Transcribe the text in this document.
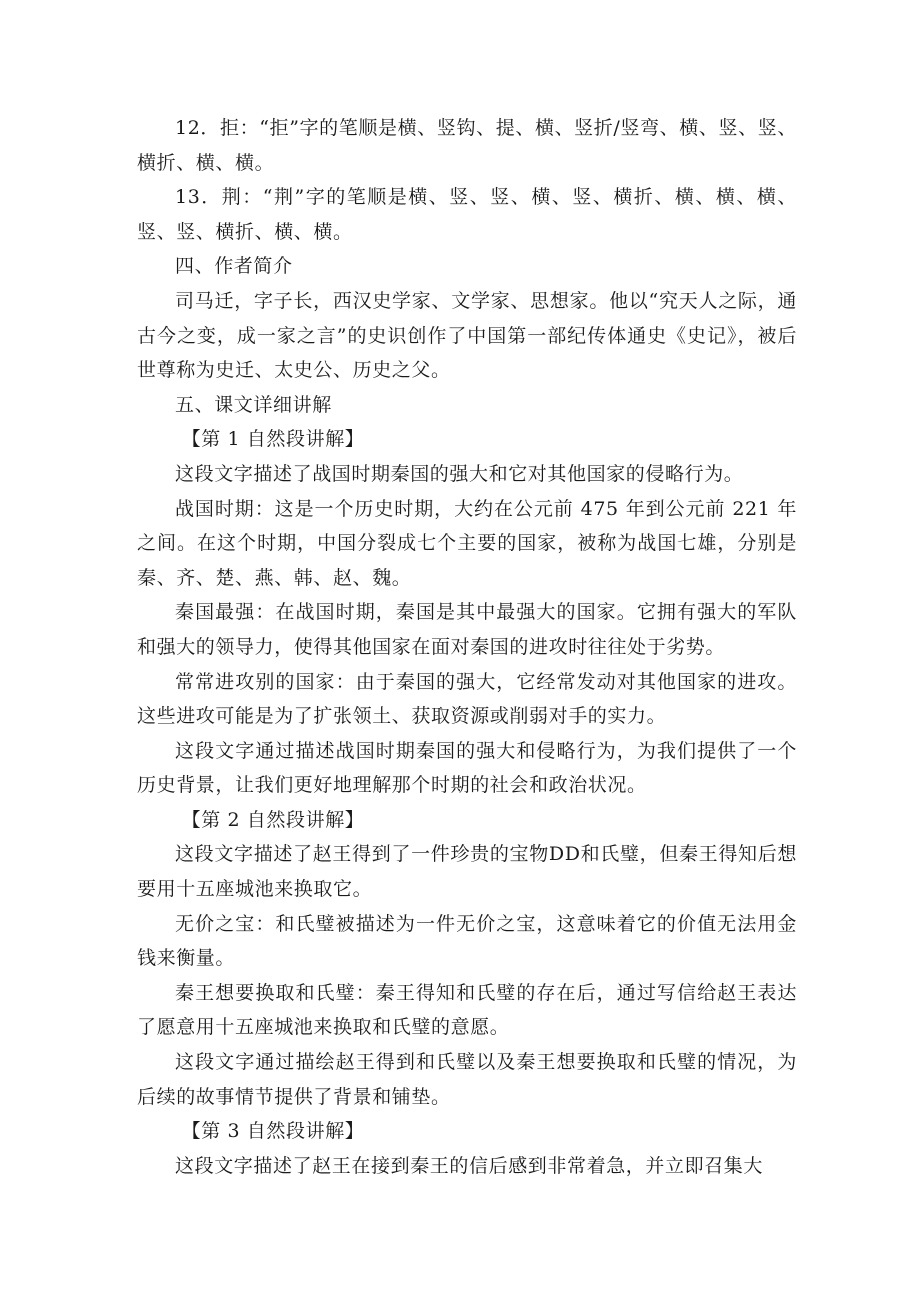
12．拒：“拒”字的笔顺是横、竖钩、提、横、竖折/竖弯、横、竖、竖、横折、横、横。

13．荆：“荆”字的笔顺是横、竖、竖、横、竖、横折、横、横、横、竖、竖、横折、横、横。

四、作者简介

司马迁，字子长，西汉史学家、文学家、思想家。他以“究天人之际，通古今之变，成一家之言”的史识创作了中国第一部纪传体通史《史记》，被后世尊称为史迁、太史公、历史之父。

五、课文详细讲解

【第 1 自然段讲解】

这段文字描述了战国时期秦国的强大和它对其他国家的侵略行为。

战国时期：这是一个历史时期，大约在公元前 475 年到公元前 221 年之间。在这个时期，中国分裂成七个主要的国家，被称为战国七雄，分别是秦、齐、楚、燕、韩、赵、魏。

秦国最强：在战国时期，秦国是其中最强大的国家。它拥有强大的军队和强大的领导力，使得其他国家在面对秦国的进攻时往往处于劣势。

常常进攻别的国家：由于秦国的强大，它经常发动对其他国家的进攻。这些进攻可能是为了扩张领土、获取资源或削弱对手的实力。

这段文字通过描述战国时期秦国的强大和侵略行为，为我们提供了一个历史背景，让我们更好地理解那个时期的社会和政治状况。

【第 2 自然段讲解】

这段文字描述了赵王得到了一件珍贵的宝物DD和氏璧，但秦王得知后想要用十五座城池来换取它。

无价之宝：和氏璧被描述为一件无价之宝，这意味着它的价值无法用金钱来衡量。

秦王想要换取和氏璧：秦王得知和氏璧的存在后，通过写信给赵王表达了愿意用十五座城池来换取和氏璧的意愿。

这段文字通过描绘赵王得到和氏璧以及秦王想要换取和氏璧的情况，为后续的故事情节提供了背景和铺垫。

【第 3 自然段讲解】

这段文字描述了赵王在接到秦王的信后感到非常着急，并立即召集大
